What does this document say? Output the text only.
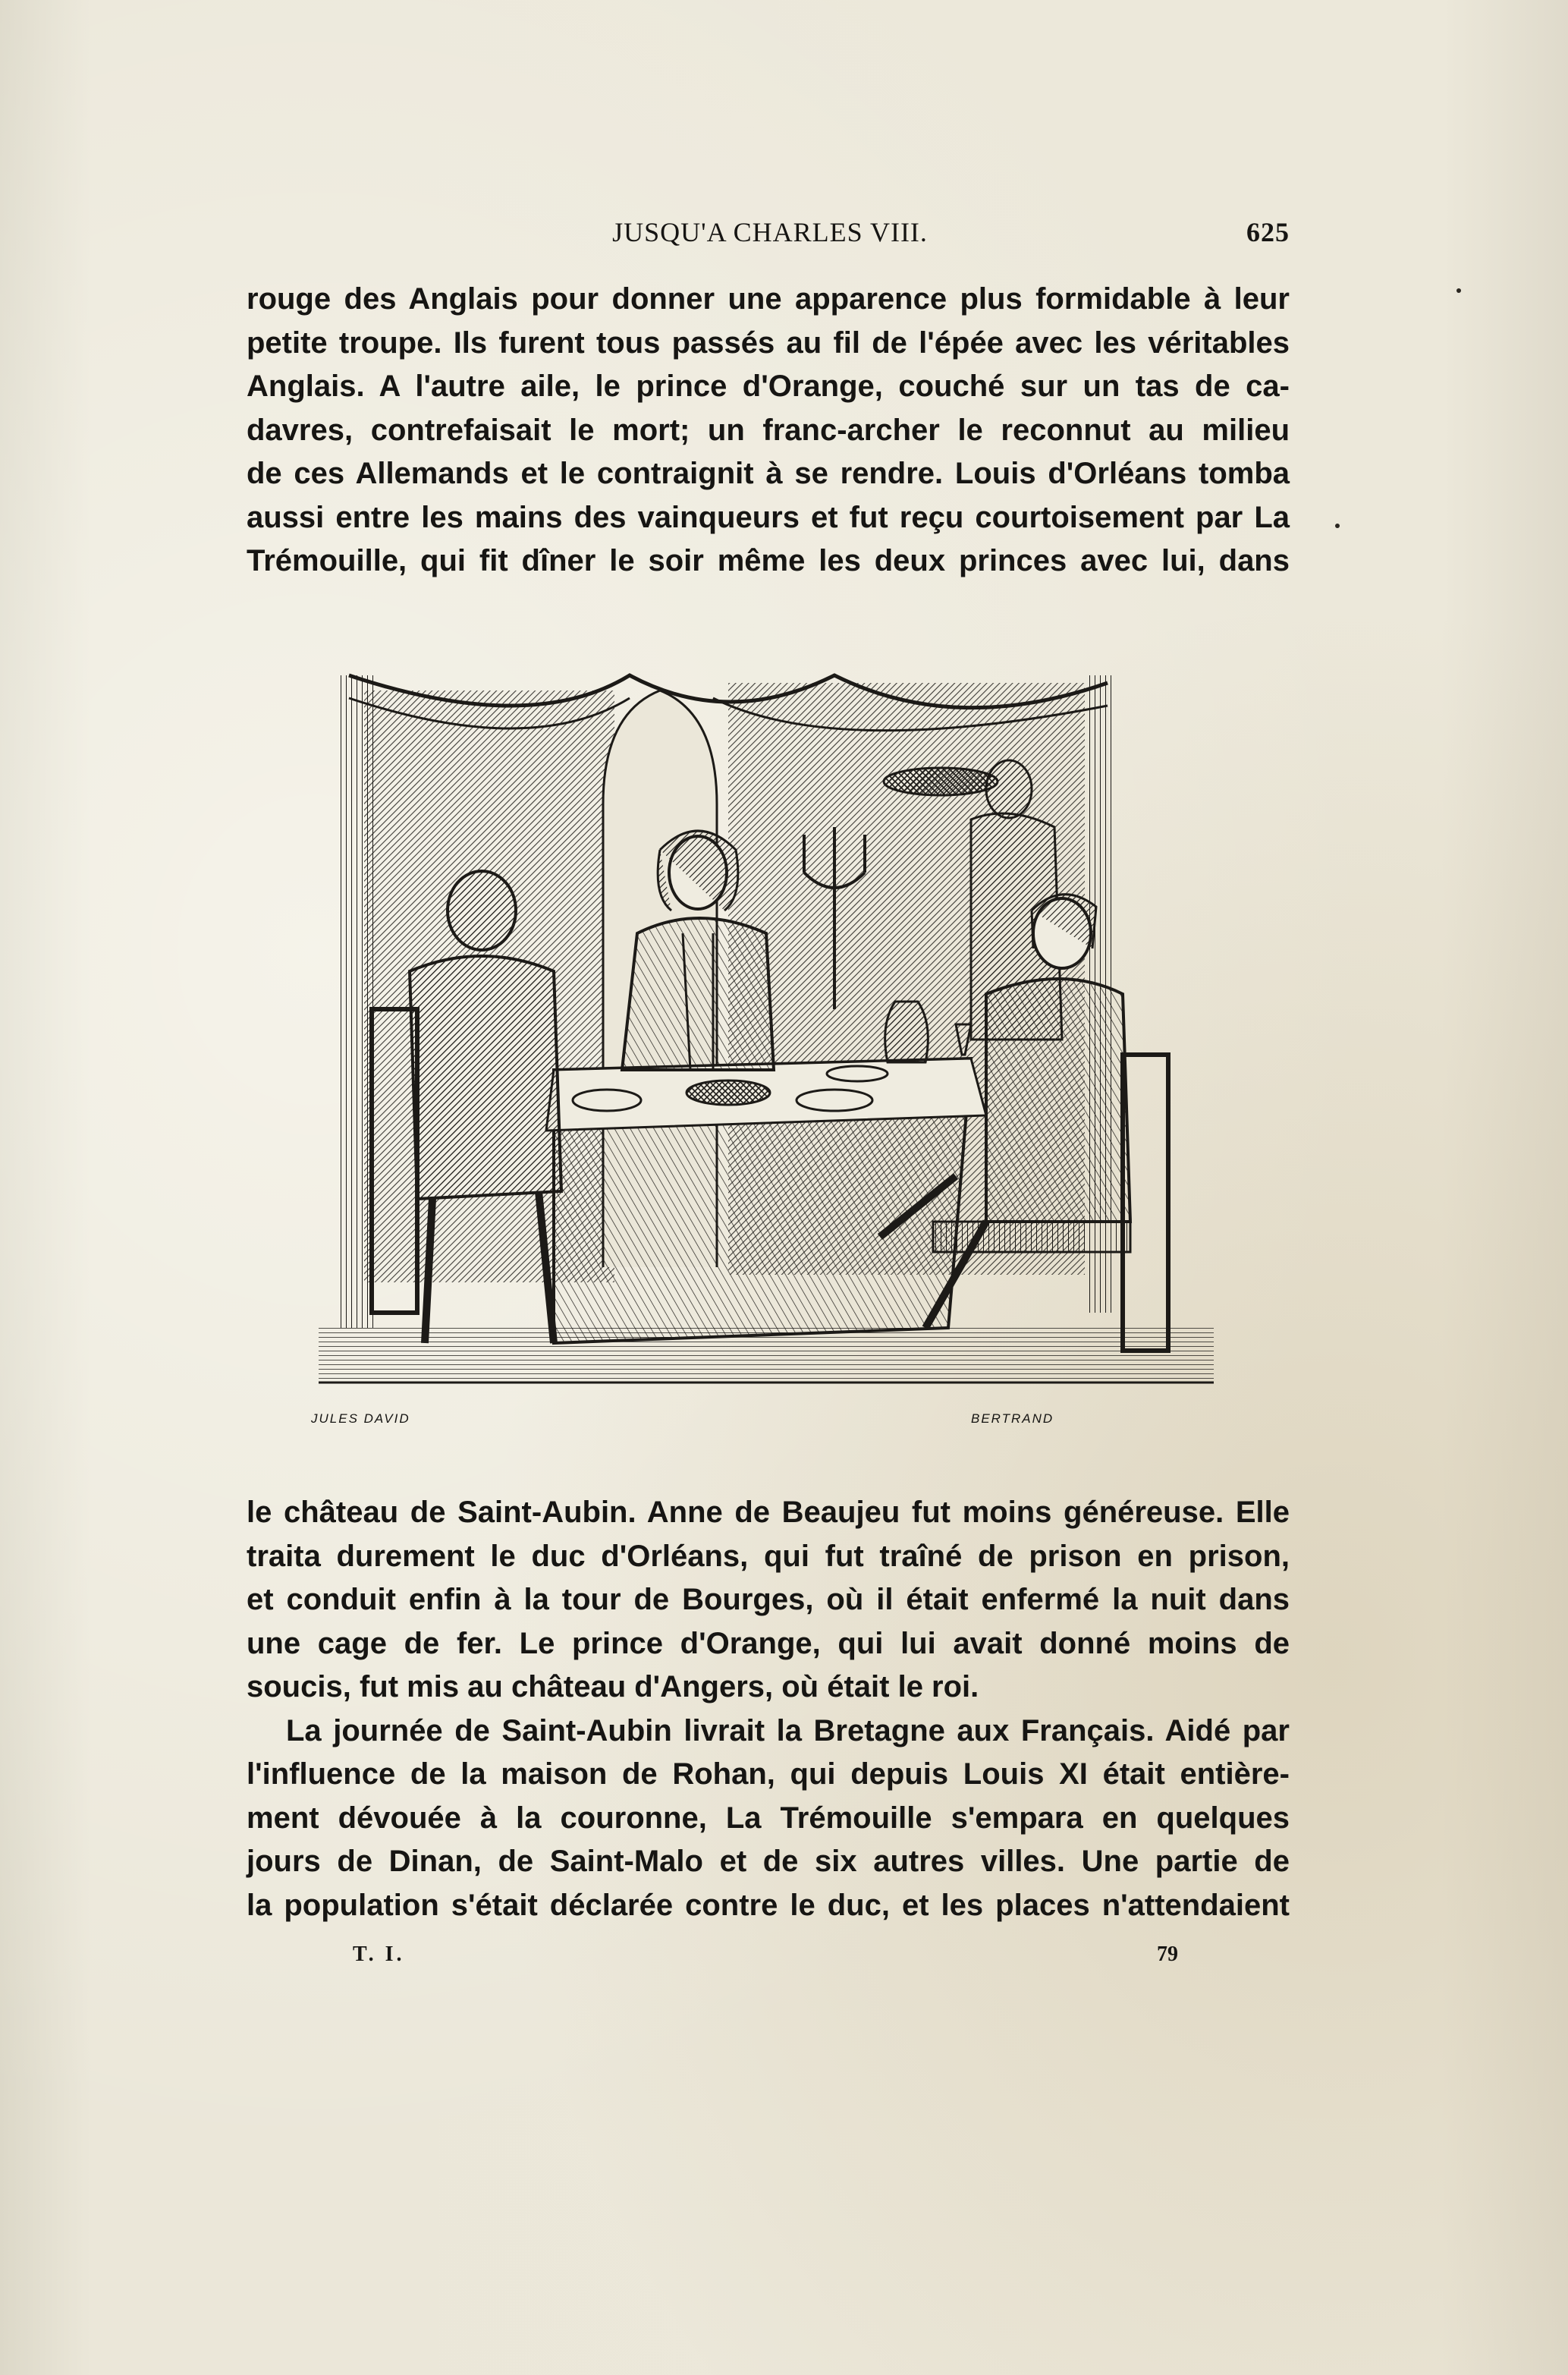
JUSQU'A CHARLES VIII.	625
rouge des Anglais pour donner une apparence plus formidable à leur
petite troupe. Ils furent tous passés au fil de l'épée avec les véritables
Anglais. A l'autre aile, le prince d'Orange, couché sur un tas de ca-
davres, contrefaisait le mort; un franc-archer le reconnut au milieu
de ces Allemands et le contraignit à se rendre. Louis d'Orléans tomba
aussi entre les mains des vainqueurs et fut reçu courtoisement par La
Trémouille, qui fit dîner le soir même les deux princes avec lui, dans
JULES DAVID	BERTRAND
le château de Saint-Aubin. Anne de Beaujeu fut moins généreuse. Elle
traita durement le duc d'Orléans, qui fut traîné de prison en prison,
et conduit enfin à la tour de Bourges, où il était enfermé la nuit dans
une cage de fer. Le prince d'Orange, qui lui avait donné moins de
soucis, fut mis au château d'Angers, où était le roi.
La journée de Saint-Aubin livrait la Bretagne aux Français. Aidé par
l'influence de la maison de Rohan, qui depuis Louis XI était entière-
ment dévouée à la couronne, La Trémouille s'empara en quelques
jours de Dinan, de Saint-Malo et de six autres villes. Une partie de
la population s'était déclarée contre le duc, et les places n'attendaient
T. I.	79
